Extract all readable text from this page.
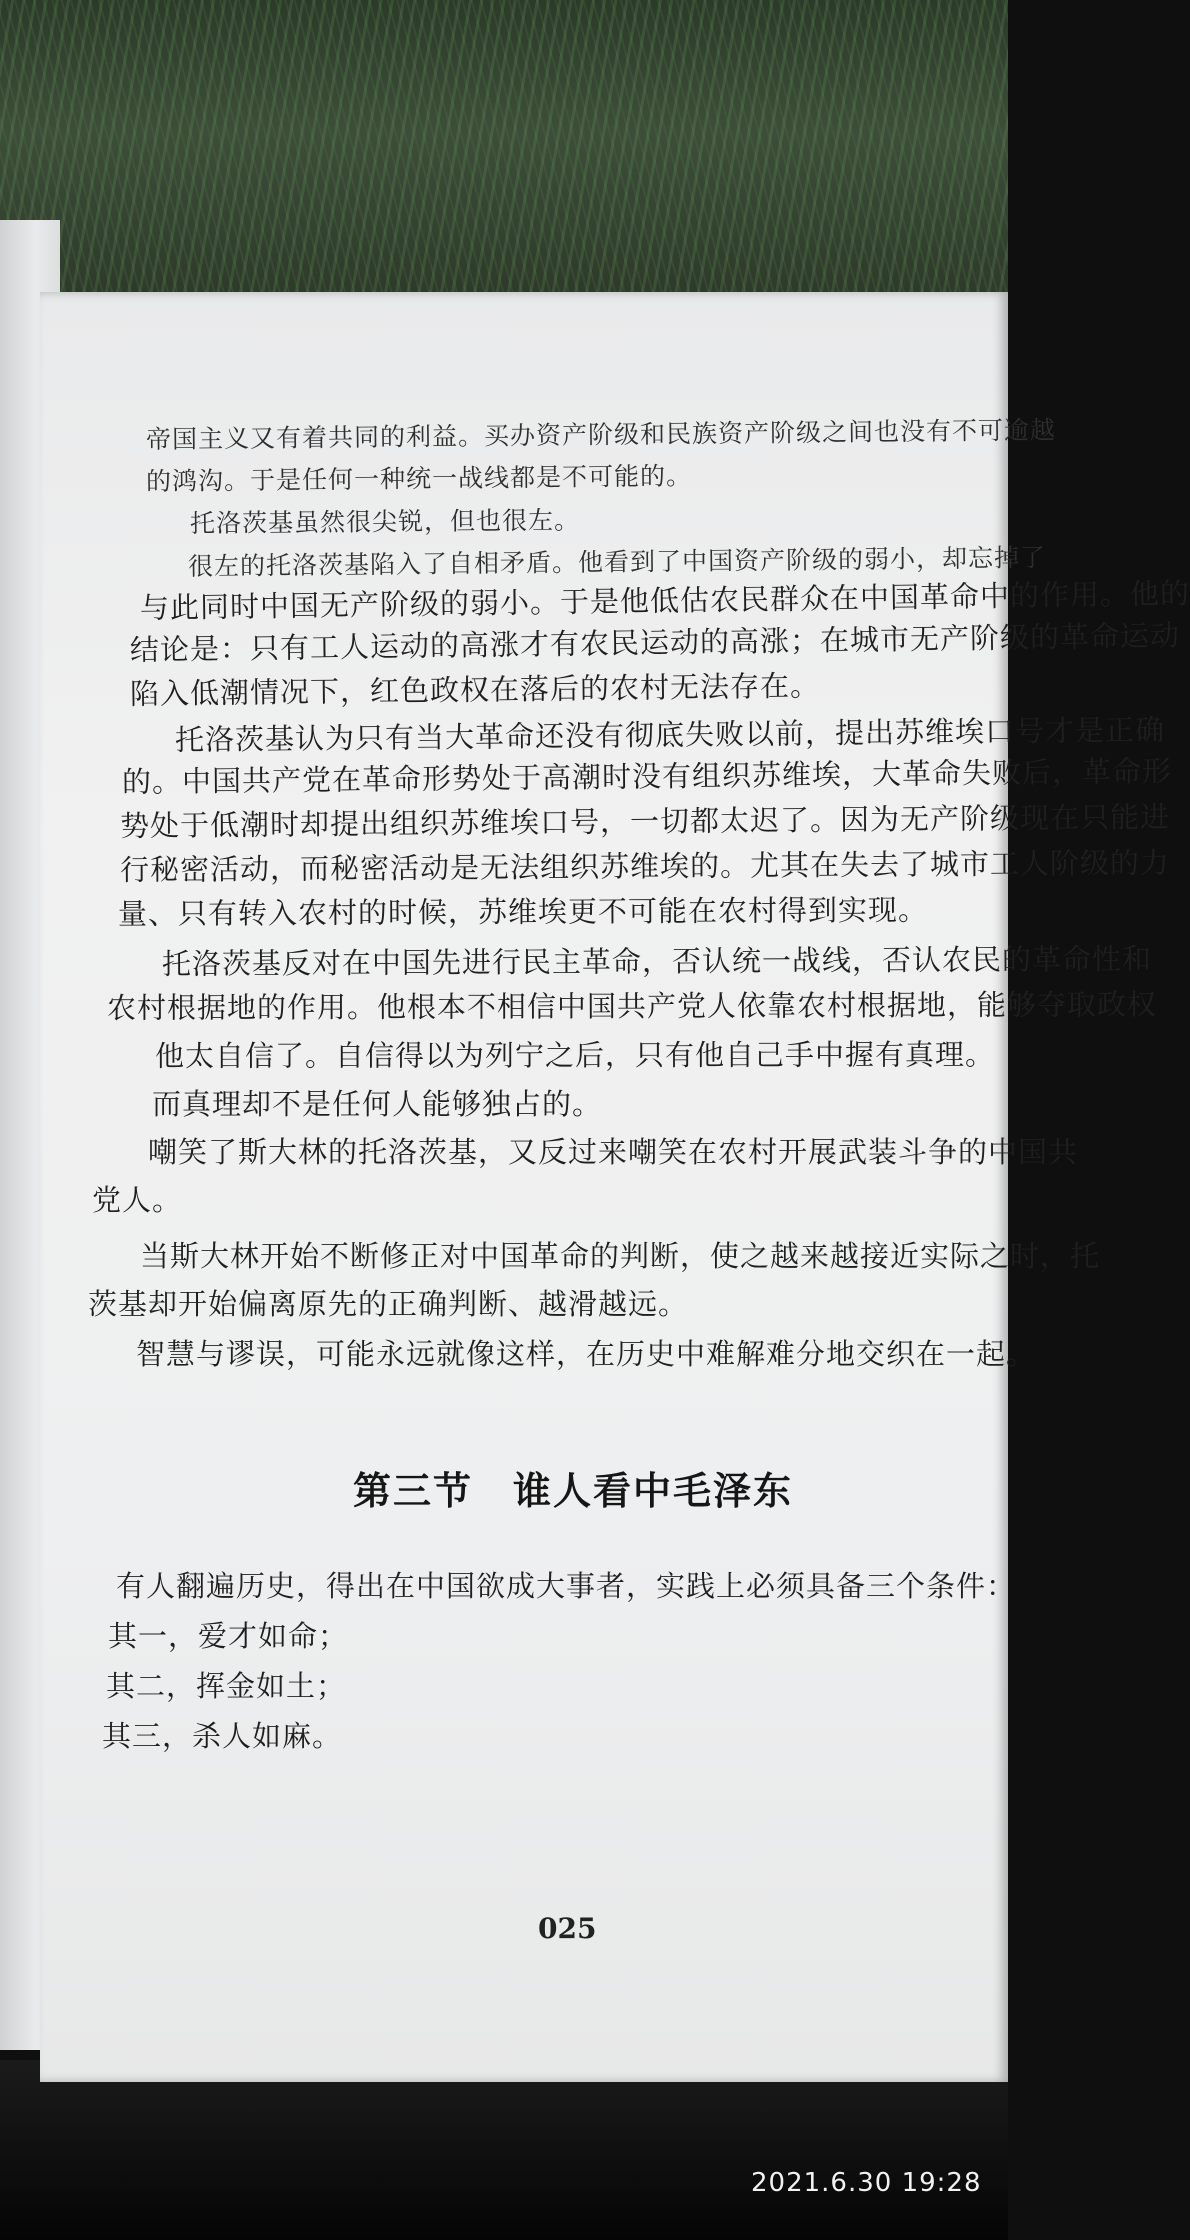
帝国主义又有着共同的利益。买办资产阶级和民族资产阶级之间也没有不可逾越
的鸿沟。于是任何一种统一战线都是不可能的。
托洛茨基虽然很尖锐，但也很左。
很左的托洛茨基陷入了自相矛盾。他看到了中国资产阶级的弱小，却忘掉了
与此同时中国无产阶级的弱小。于是他低估农民群众在中国革命中的作用。他的
结论是：只有工人运动的高涨才有农民运动的高涨；在城市无产阶级的革命运动
陷入低潮情况下，红色政权在落后的农村无法存在。
托洛茨基认为只有当大革命还没有彻底失败以前，提出苏维埃口号才是正确
的。中国共产党在革命形势处于高潮时没有组织苏维埃，大革命失败后，革命形
势处于低潮时却提出组织苏维埃口号，一切都太迟了。因为无产阶级现在只能进
行秘密活动，而秘密活动是无法组织苏维埃的。尤其在失去了城市工人阶级的力
量、只有转入农村的时候，苏维埃更不可能在农村得到实现。
托洛茨基反对在中国先进行民主革命，否认统一战线，否认农民的革命性和
农村根据地的作用。他根本不相信中国共产党人依靠农村根据地，能够夺取政权
他太自信了。自信得以为列宁之后，只有他自己手中握有真理。
而真理却不是任何人能够独占的。
嘲笑了斯大林的托洛茨基，又反过来嘲笑在农村开展武装斗争的中国共
党人。
当斯大林开始不断修正对中国革命的判断，使之越来越接近实际之时，托
茨基却开始偏离原先的正确判断、越滑越远。
智慧与谬误，可能永远就像这样，在历史中难解难分地交织在一起。
第三节　谁人看中毛泽东
有人翻遍历史，得出在中国欲成大事者，实践上必须具备三个条件：
其一，爱才如命；
其二，挥金如土；
其三，杀人如麻。
025
2021.6.30 19:28
